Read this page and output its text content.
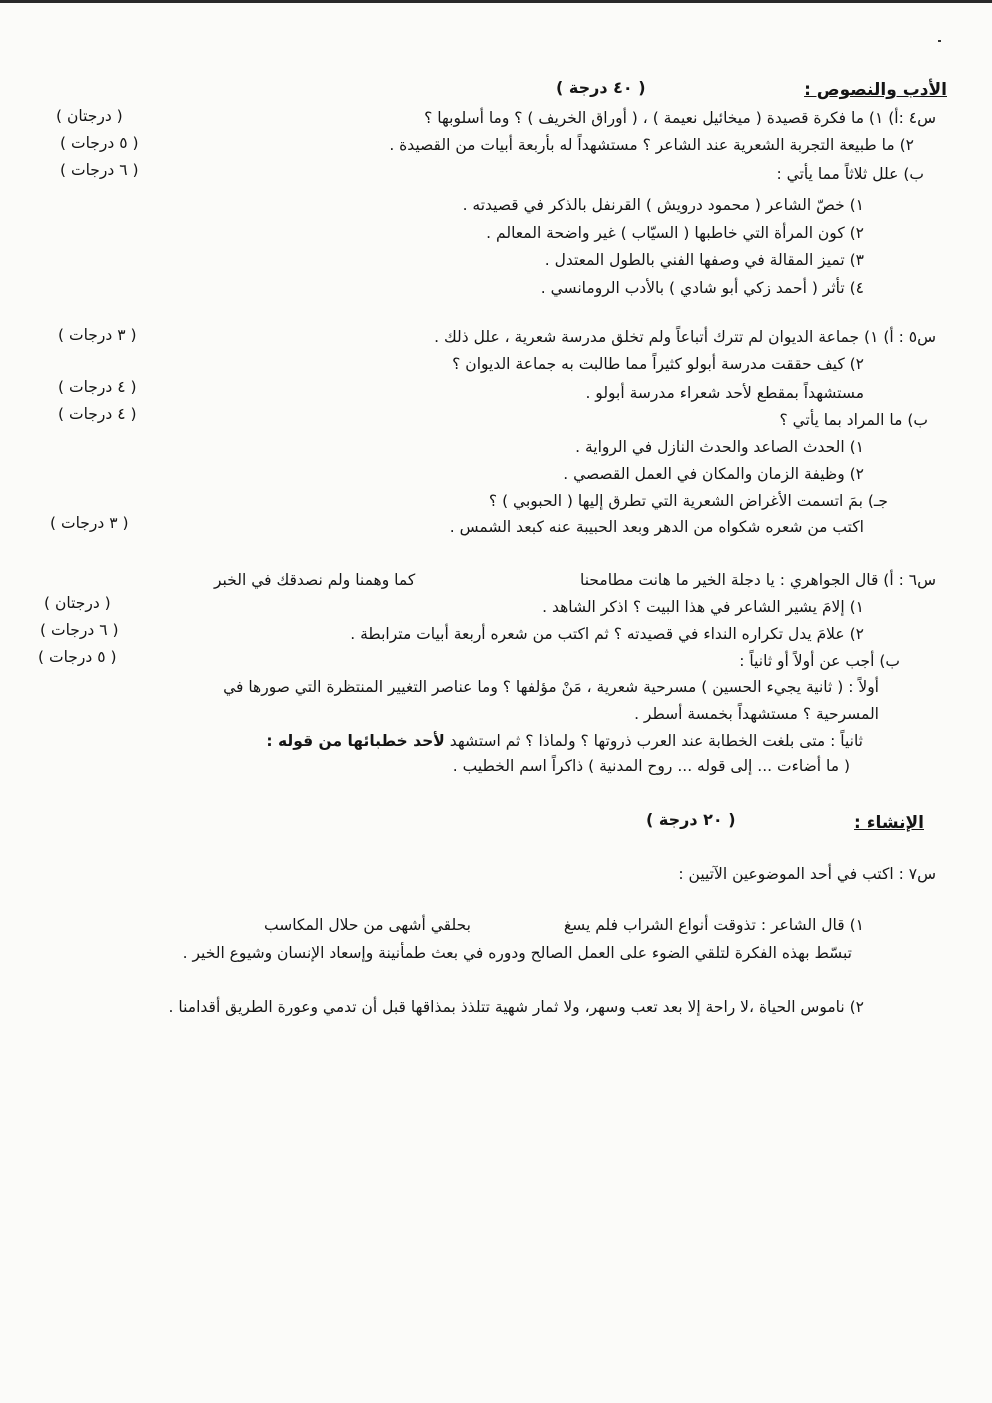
الأدب والنصوص :
( ٤٠ درجة )
س٤ :أ) ١) ما فكرة قصيدة ( ميخائيل نعيمة ) ، ( أوراق الخريف ) ؟ وما أسلوبها ؟
( درجتان )
٢) ما طبيعة التجربة الشعرية عند الشاعر ؟ مستشهداً له بأربعة أبيات من القصيدة .
( ٥ درجات )
ب) علل ثلاثاً مما يأتي :
( ٦ درجات )
١) خصّ الشاعر ( محمود درويش ) القرنفل بالذكر في قصيدته .
٢) كون المرأة التي خاطبها ( السيّاب ) غير واضحة المعالم .
٣) تميز المقالة في وصفها الفني بالطول المعتدل .
٤) تأثر ( أحمد زكي أبو شادي ) بالأدب الرومانسي .
س٥ : أ) ١) جماعة الديوان لم تترك أتباعاً ولم تخلق مدرسة شعرية ، علل ذلك .
( ٣ درجات )
٢) كيف حققت مدرسة أبولو كثيراً مما طالبت به جماعة الديوان ؟
مستشهداً بمقطع لأحد شعراء مدرسة أبولو .
( ٤ درجات )
ب) ما المراد بما يأتي ؟
( ٤ درجات )
١) الحدث الصاعد والحدث النازل في الرواية .
٢) وظيفة الزمان والمكان في العمل القصصي .
جـ) بمَ اتسمت الأغراض الشعرية التي تطرق إليها ( الحبوبي ) ؟
اكتب من شعره شكواه من الدهر وبعد الحبيبة عنه كبعد الشمس .
( ٣ درجات )
س٦ : أ) قال الجواهري : يا دجلة الخير ما هانت مطامحنا
كما وهمنا ولم نصدقك في الخبر
١) إلامَ يشير الشاعر في هذا البيت ؟ اذكر الشاهد .
( درجتان )
٢) علامَ يدل تكراره النداء في قصيدته ؟ ثم اكتب من شعره أربعة أبيات مترابطة .
( ٦ درجات )
ب) أجب عن أولاً أو ثانياً :
( ٥ درجات )
أولاً : ( ثانية يجيء الحسين ) مسرحية شعرية ، مَنْ مؤلفها ؟ وما عناصر التغيير المنتظرة التي صورها في
المسرحية ؟ مستشهداً بخمسة أسطر .
ثانياً : متى بلغت الخطابة عند العرب ذروتها ؟ ولماذا ؟ ثم استشهد لأحد خطبائها من قوله :
( ما أضاءت ... إلى قوله ... روح المدنية ) ذاكراً اسم الخطيب .
الإنشاء :
( ٢٠ درجة )
س٧ : اكتب في أحد الموضوعين الآتيين :
١) قال الشاعر : تذوقت أنواع الشراب فلم يسغ
بحلقي أشهى من حلال المكاسب
تبسّط بهذه الفكرة لتلقي الضوء على العمل الصالح ودوره في بعث طمأنينة وإسعاد الإنسان وشيوع الخير .
٢) ناموس الحياة ،لا راحة إلا بعد تعب وسهر، ولا ثمار شهية تتلذذ بمذاقها قبل أن تدمي وعورة الطريق أقدامنا .
